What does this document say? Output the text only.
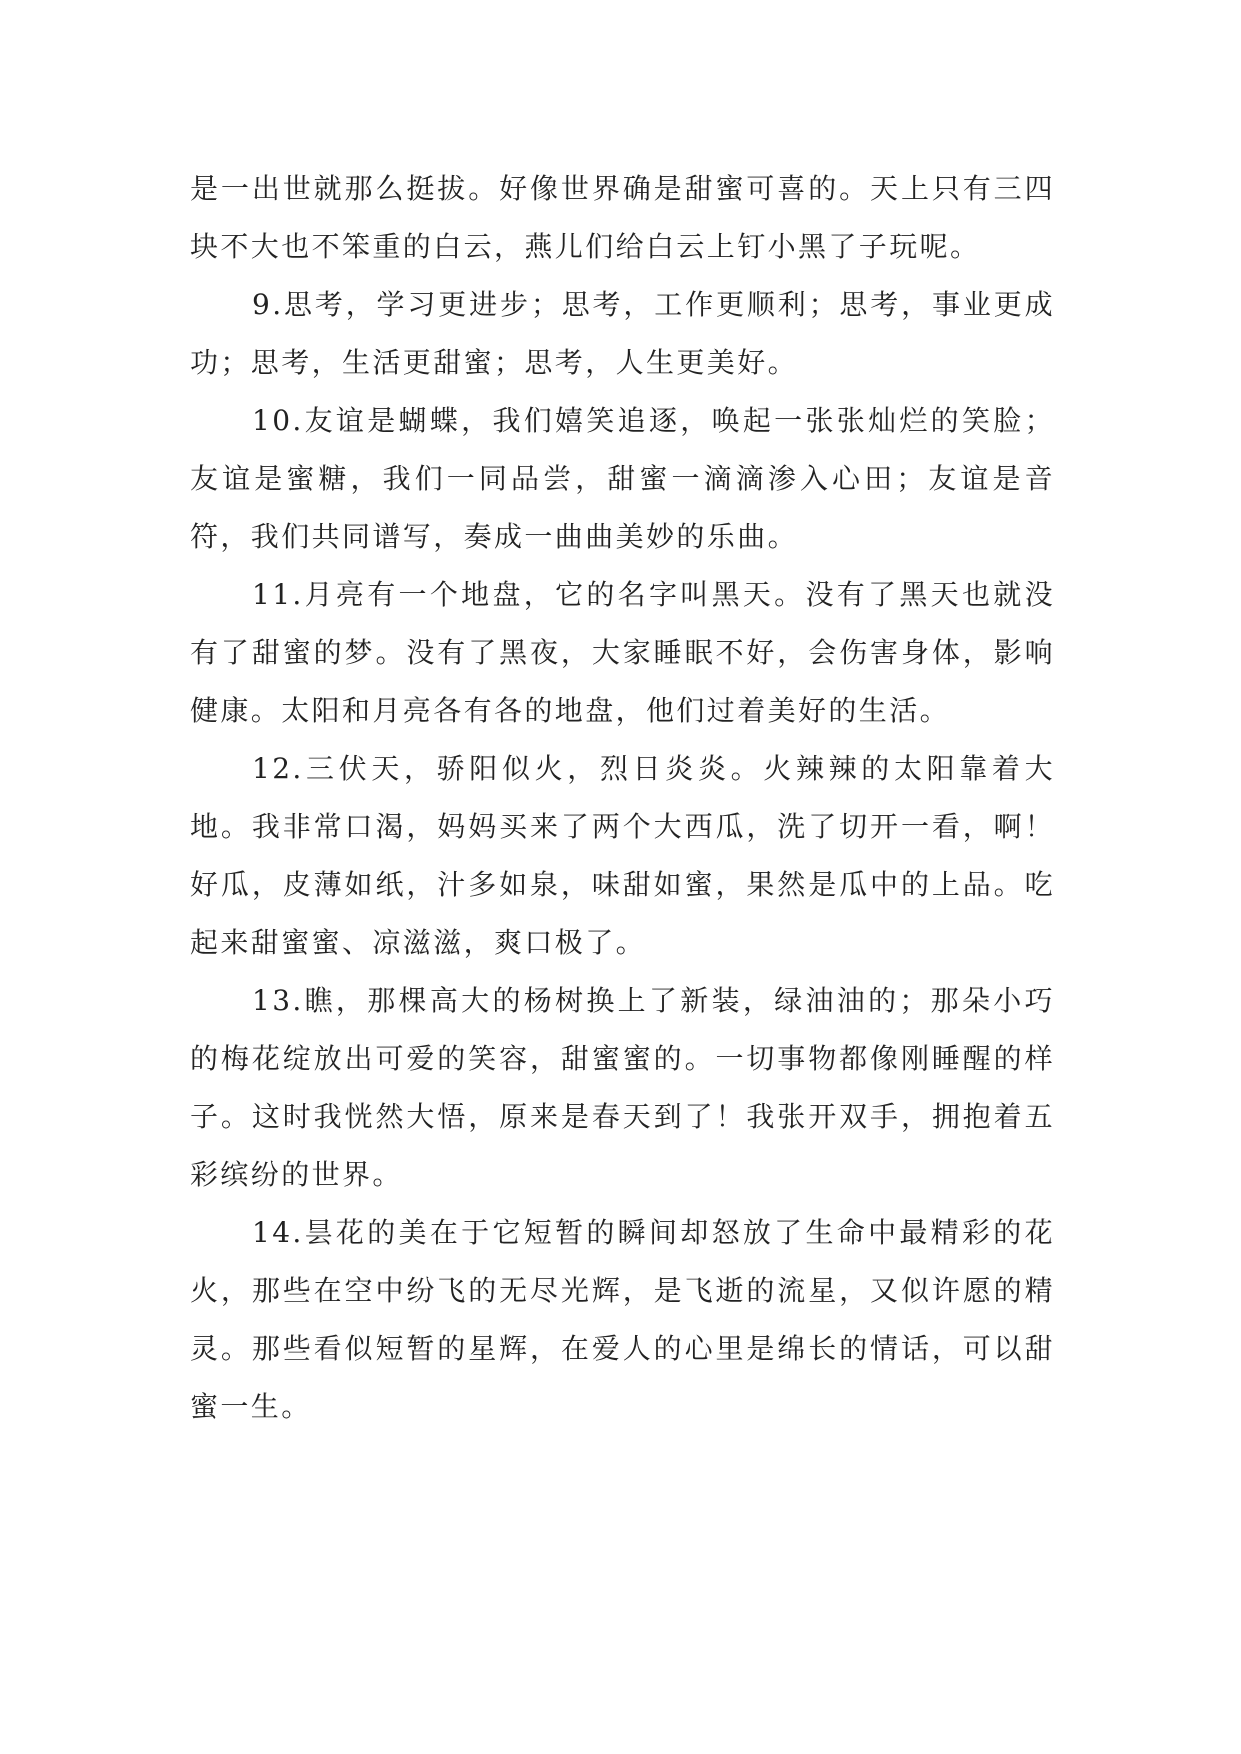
是一出世就那么挺拔。好像世界确是甜蜜可喜的。天上只有三四块不大也不笨重的白云，燕儿们给白云上钉小黑了子玩呢。

9.思考，学习更进步；思考，工作更顺利；思考，事业更成功；思考，生活更甜蜜；思考，人生更美好。

10.友谊是蝴蝶，我们嬉笑追逐，唤起一张张灿烂的笑脸；友谊是蜜糖，我们一同品尝，甜蜜一滴滴渗入心田；友谊是音符，我们共同谱写，奏成一曲曲美妙的乐曲。

11.月亮有一个地盘，它的名字叫黑天。没有了黑天也就没有了甜蜜的梦。没有了黑夜，大家睡眠不好，会伤害身体，影响健康。太阳和月亮各有各的地盘，他们过着美好的生活。

12.三伏天，骄阳似火，烈日炎炎。火辣辣的太阳靠着大地。我非常口渴，妈妈买来了两个大西瓜，洗了切开一看，啊！好瓜，皮薄如纸，汁多如泉，味甜如蜜，果然是瓜中的上品。吃起来甜蜜蜜、凉滋滋，爽口极了。

13.瞧，那棵高大的杨树换上了新装，绿油油的；那朵小巧的梅花绽放出可爱的笑容，甜蜜蜜的。一切事物都像刚睡醒的样子。这时我恍然大悟，原来是春天到了！我张开双手，拥抱着五彩缤纷的世界。

14.昙花的美在于它短暂的瞬间却怒放了生命中最精彩的花火，那些在空中纷飞的无尽光辉，是飞逝的流星，又似许愿的精灵。那些看似短暂的星辉，在爱人的心里是绵长的情话，可以甜蜜一生。
